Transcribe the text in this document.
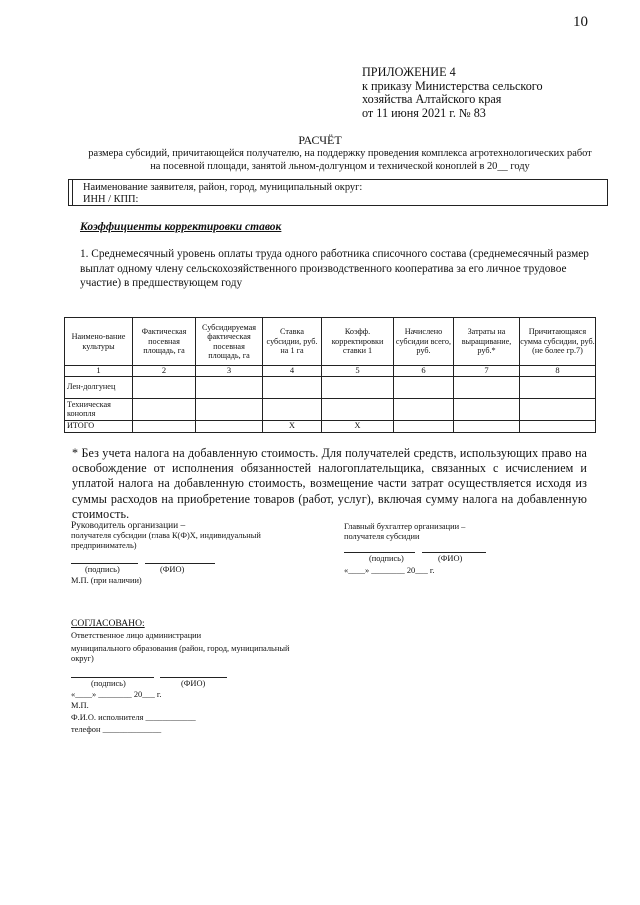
10
ПРИЛОЖЕНИЕ 4
к приказу Министерства сельского
хозяйства Алтайского края
от 11 июня 2021 г. № 83
РАСЧЁТ
размера субсидий, причитающейся получателю, на поддержку проведения комплекса агротехнологических работ
на посевной площади, занятой льном-долгунцом и технической коноплей в 20__ году
Наименование заявителя, район, город, муниципальный округ:
ИНН / КПП:
Коэффициенты корректировки ставок
1. Среднемесячный уровень оплаты труда одного работника списочного состава (среднемесячный размер выплат одному члену сельскохозяйственного производственного кооператива за его личное трудовое участие) в предшествующем году
Наимено-вание культуры	Фактическая посевная площадь, га	Субсидируемая фактическая посевная площадь, га	Ставка субсидии, руб. на 1 га	Коэфф. корректировки ставки 1	Начислено субсидии всего, руб.	Затраты на выращивание, руб.*	Причитающаяся сумма субсидии, руб. (не более гр.7)
1	2	3	4	5	6	7	8
Лен-долгунец							
Техническая конопля							
ИТОГО			Х	Х			
* Без учета налога на добавленную стоимость. Для получателей средств, использующих право на освобождение от исполнения обязанностей налогоплательщика, связанных с исчислением и уплатой налога на добавленную стоимость, возмещение части затрат осуществляется исходя из суммы расходов на приобретение товаров (работ, услуг), включая сумму налога на добавленную стоимость.
Руководитель организации –
получателя субсидии (глава К(Ф)Х, индивидуальный
предприниматель)
(подпись)	(ФИО)
М.П. (при наличии)
Главный бухгалтер организации –
получателя субсидии
(подпись)	(ФИО)
«____» ________ 20___ г.
СОГЛАСОВАНО:
Ответственное лицо администрации
муниципального образования (район, город, муниципальный
округ)
(подпись)	(ФИО)
«____» ________ 20___ г.
М.П.
Ф.И.О. исполнителя ____________
телефон ______________
